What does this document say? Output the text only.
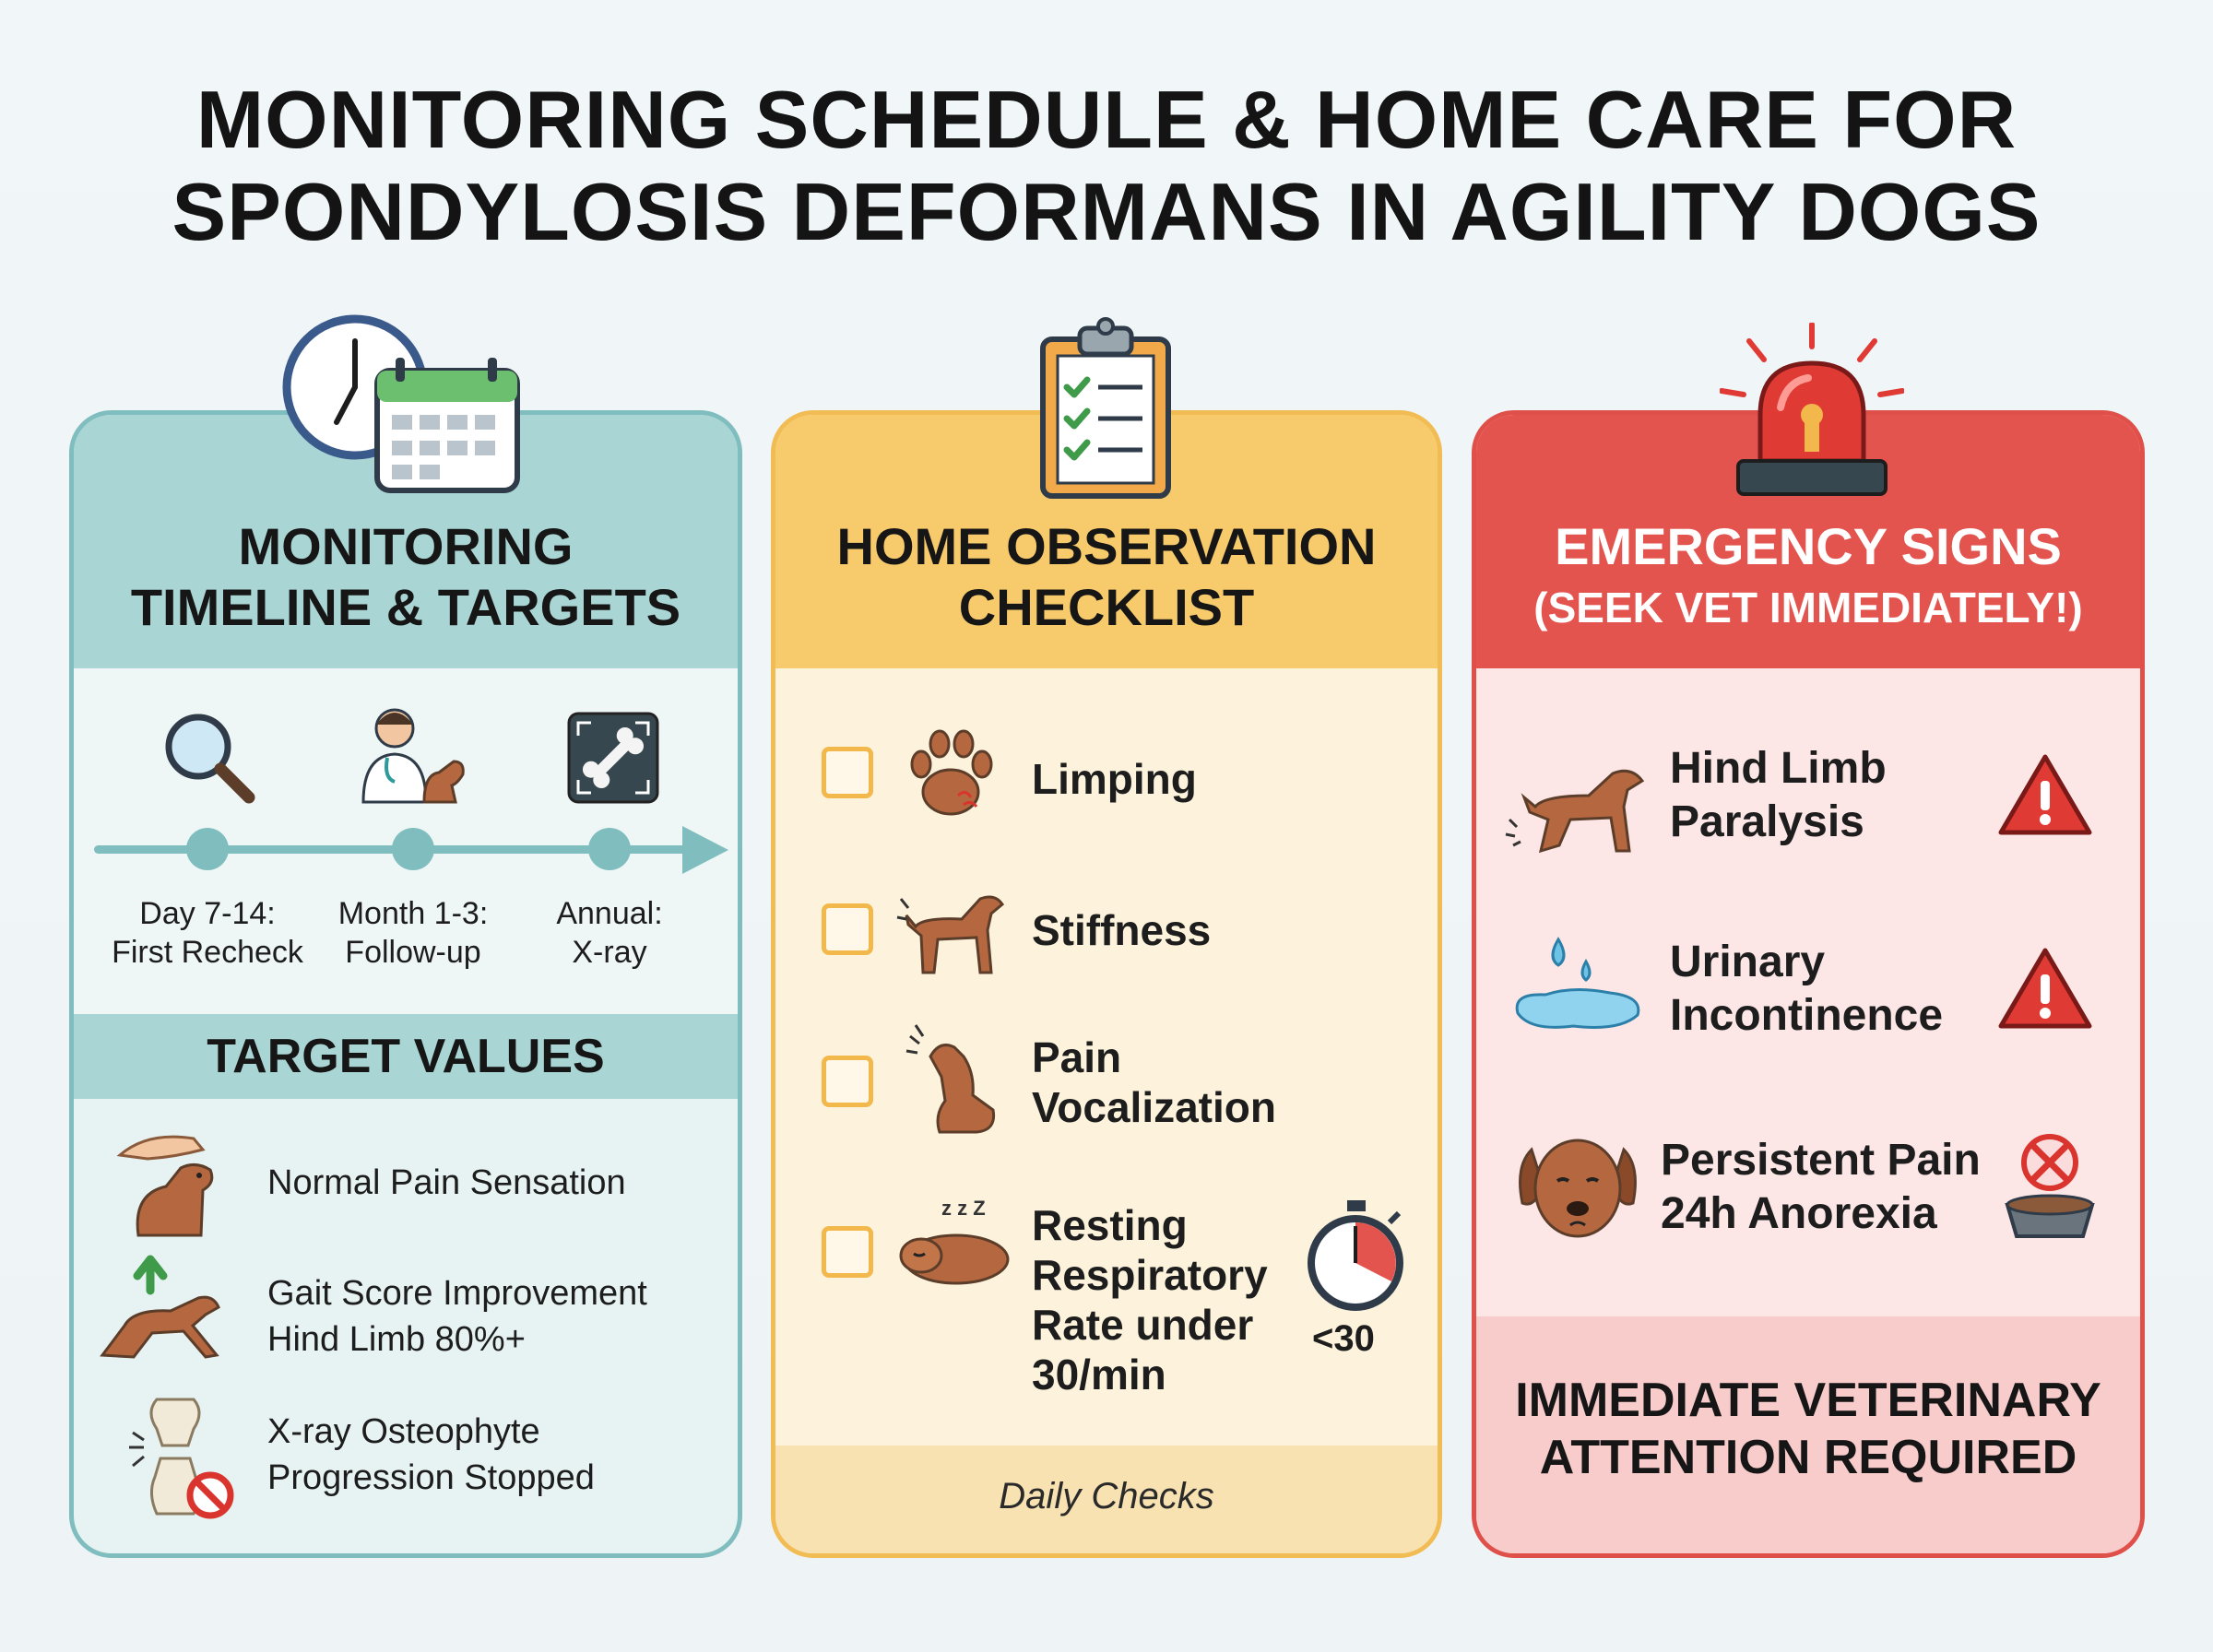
MONITORING SCHEDULE & HOME CARE FOR
SPONDYLOSIS DEFORMANS IN AGILITY DOGS
MONITORING
TIMELINE & TARGETS
Day 7-14:
First Recheck
Month 1-3:
Follow-up
Annual:
X-ray
TARGET VALUES
Normal Pain Sensation
Gait Score Improvement
Hind Limb 80%+
X-ray Osteophyte
Progression Stopped
HOME OBSERVATION
CHECKLIST
Limping
Stiffness
Pain
Vocalization
z z Z Resting
Respiratory
Rate under
30/min
<30
Daily Checks
EMERGENCY SIGNS
(SEEK VET IMMEDIATELY!)
Hind Limb
Paralysis
Urinary
Incontinence
Persistent Pain
24h Anorexia
IMMEDIATE VETERINARY
ATTENTION REQUIRED
